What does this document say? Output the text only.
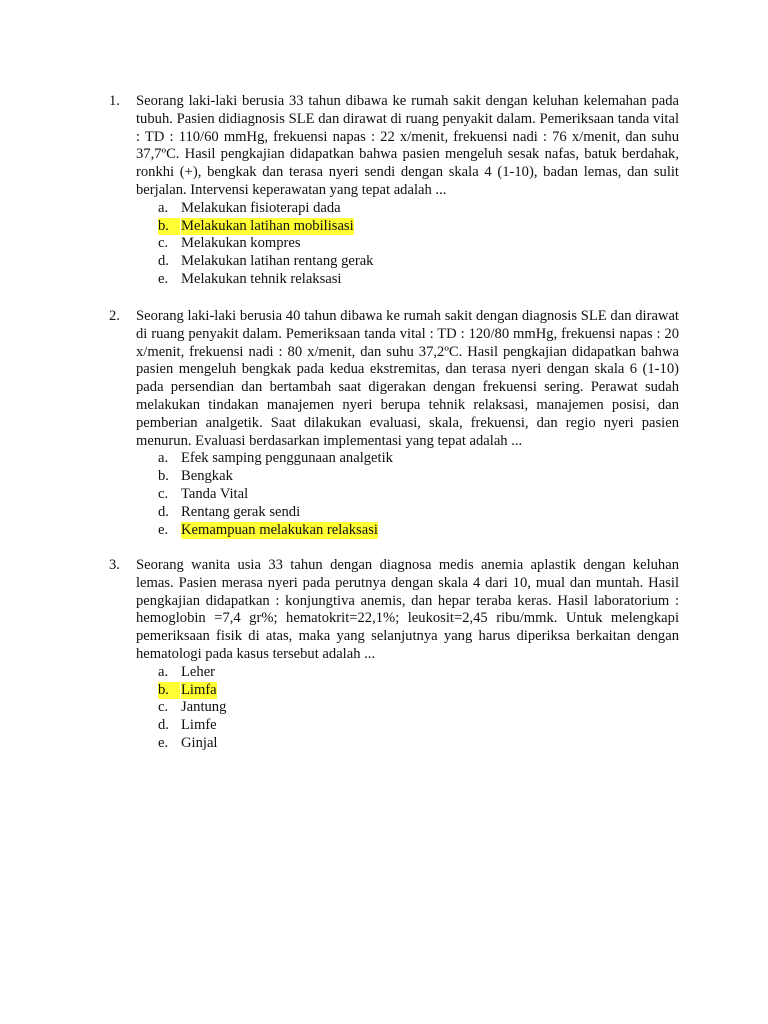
1.	Seorang laki-laki berusia 33 tahun dibawa ke rumah sakit dengan keluhan kelemahan pada tubuh. Pasien didiagnosis SLE dan dirawat di ruang penyakit dalam. Pemeriksaan tanda vital : TD : 110/60 mmHg, frekuensi napas : 22 x/menit, frekuensi nadi : 76 x/menit, dan suhu 37,7ºC. Hasil pengkajian didapatkan bahwa pasien mengeluh sesak nafas, batuk berdahak, ronkhi (+), bengkak dan terasa nyeri sendi dengan skala 4 (1-10), badan lemas, dan sulit berjalan. Intervensi keperawatan yang tepat adalah ...
a. Melakukan fisioterapi dada
b. Melakukan latihan mobilisasi
c. Melakukan kompres
d. Melakukan latihan rentang gerak
e. Melakukan tehnik relaksasi
2.	Seorang laki-laki berusia 40 tahun dibawa ke rumah sakit dengan diagnosis SLE dan dirawat di ruang penyakit dalam. Pemeriksaan tanda vital : TD : 120/80 mmHg, frekuensi napas : 20 x/menit, frekuensi nadi : 80 x/menit, dan suhu 37,2ºC. Hasil pengkajian didapatkan bahwa pasien mengeluh bengkak pada kedua ekstremitas, dan terasa nyeri dengan skala 6 (1-10) pada persendian dan bertambah saat digerakan dengan frekuensi sering. Perawat sudah melakukan tindakan manajemen nyeri berupa tehnik relaksasi, manajemen posisi, dan pemberian analgetik. Saat dilakukan evaluasi, skala, frekuensi, dan regio nyeri pasien menurun. Evaluasi berdasarkan implementasi yang tepat adalah ...
a. Efek samping penggunaan analgetik
b. Bengkak
c. Tanda Vital
d. Rentang gerak sendi
e. Kemampuan melakukan relaksasi
3.	Seorang wanita usia 33 tahun dengan diagnosa medis anemia aplastik dengan keluhan lemas. Pasien merasa nyeri pada perutnya dengan skala 4 dari 10, mual dan muntah. Hasil pengkajian didapatkan : konjungtiva anemis, dan hepar teraba keras. Hasil laboratorium : hemoglobin =7,4 gr%; hematokrit=22,1%; leukosit=2,45 ribu/mmk. Untuk melengkapi pemeriksaan fisik di atas, maka yang selanjutnya yang harus diperiksa berkaitan dengan hematologi pada kasus tersebut adalah ...
a. Leher
b. Limfa
c. Jantung
d. Limfe
e. Ginjal
